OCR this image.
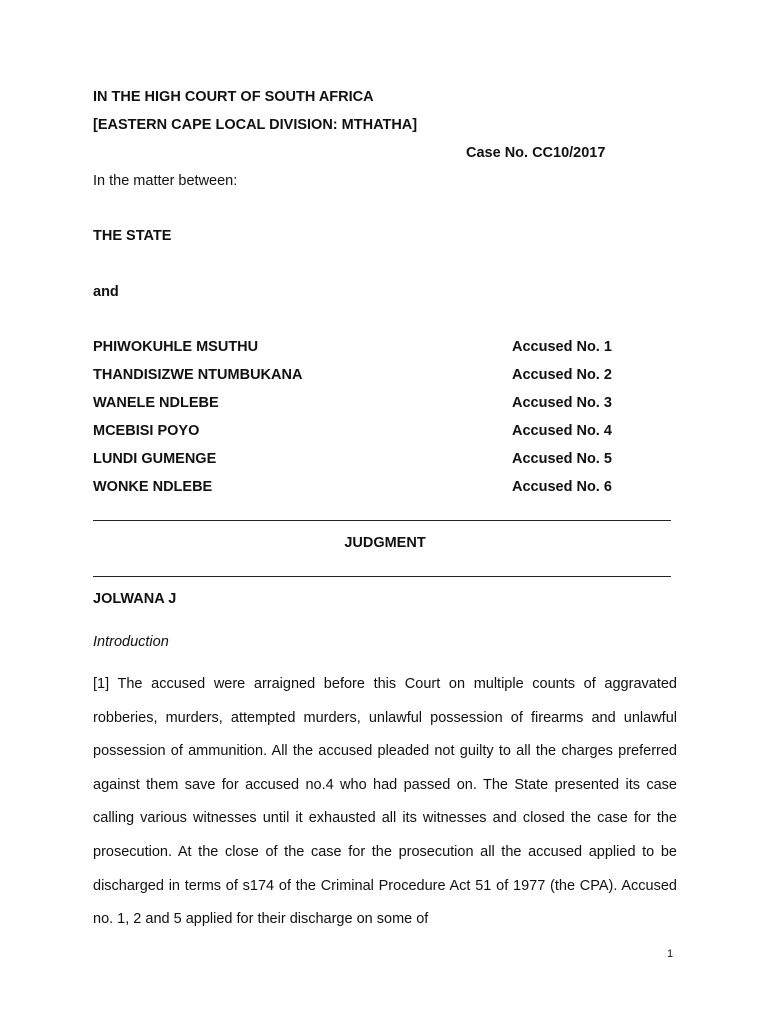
IN THE HIGH COURT OF SOUTH AFRICA
[EASTERN CAPE LOCAL DIVISION: MTHATHA]
Case No. CC10/2017
In the matter between:
THE STATE
and
PHIWOKUHLE MSUTHU	Accused No. 1
THANDISIZWE NTUMBUKANA	Accused No. 2
WANELE NDLEBE	Accused No. 3
MCEBISI POYO	Accused No. 4
LUNDI GUMENGE	Accused No. 5
WONKE NDLEBE	Accused No. 6
JUDGMENT
JOLWANA J
Introduction
[1] The accused were arraigned before this Court on multiple counts of aggravated robberies, murders, attempted murders, unlawful possession of firearms and unlawful possession of ammunition. All the accused pleaded not guilty to all the charges preferred against them save for accused no.4 who had passed on. The State presented its case calling various witnesses until it exhausted all its witnesses and closed the case for the prosecution. At the close of the case for the prosecution all the accused applied to be discharged in terms of s174 of the Criminal Procedure Act 51 of 1977 (the CPA). Accused no. 1, 2 and 5 applied for their discharge on some of
1
